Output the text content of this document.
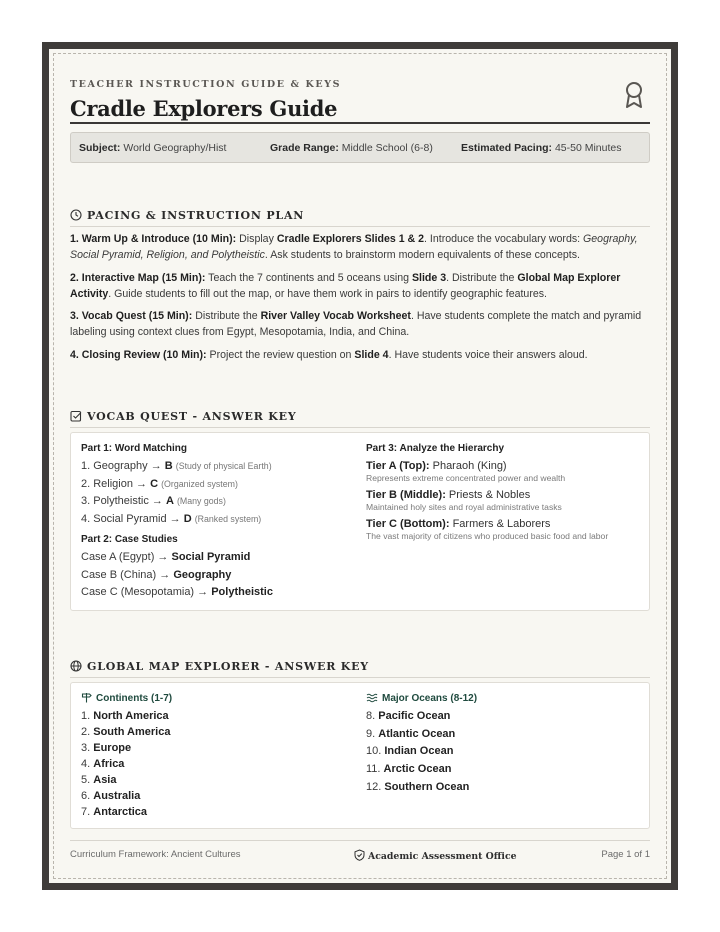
TEACHER INSTRUCTION GUIDE & KEYS
Cradle Explorers Guide
Subject: World Geography/Hist	Grade Range: Middle School (6-8)	Estimated Pacing: 45-50 Minutes
PACING & INSTRUCTION PLAN

1. Warm Up & Introduce (10 Min): Display Cradle Explorers Slides 1 & 2. Introduce the vocabulary words: Geography, Social Pyramid, Religion, and Polytheistic. Ask students to brainstorm modern equivalents of these concepts.

2. Interactive Map (15 Min): Teach the 7 continents and 5 oceans using Slide 3. Distribute the Global Map Explorer Activity. Guide students to fill out the map, or have them work in pairs to identify geographic features.

3. Vocab Quest (15 Min): Distribute the River Valley Vocab Worksheet. Have students complete the match and pyramid labeling using context clues from Egypt, Mesopotamia, India, and China.

4. Closing Review (10 Min): Project the review question on Slide 4. Have students voice their answers aloud.

VOCAB QUEST - ANSWER KEY
Part 1: Word Matching
1. Geography → B (Study of physical Earth)
2. Religion → C (Organized system)
3. Polytheistic → A (Many gods)
4. Social Pyramid → D (Ranked system)
Part 2: Case Studies
Case A (Egypt) → Social Pyramid
Case B (China) → Geography
Case C (Mesopotamia) → Polytheistic
Part 3: Analyze the Hierarchy
Tier A (Top): Pharaoh (King)
Represents extreme concentrated power and wealth
Tier B (Middle): Priests & Nobles
Maintained holy sites and royal administrative tasks
Tier C (Bottom): Farmers & Laborers
The vast majority of citizens who produced basic food and labor
GLOBAL MAP EXPLORER - ANSWER KEY
Continents (1-7)
1. North America
2. South America
3. Europe
4. Africa
5. Asia
6. Australia
7. Antarctica
Major Oceans (8-12)
8. Pacific Ocean
9. Atlantic Ocean
10. Indian Ocean
11. Arctic Ocean
12. Southern Ocean
Curriculum Framework: Ancient Cultures	Academic Assessment Office	Page 1 of 1
